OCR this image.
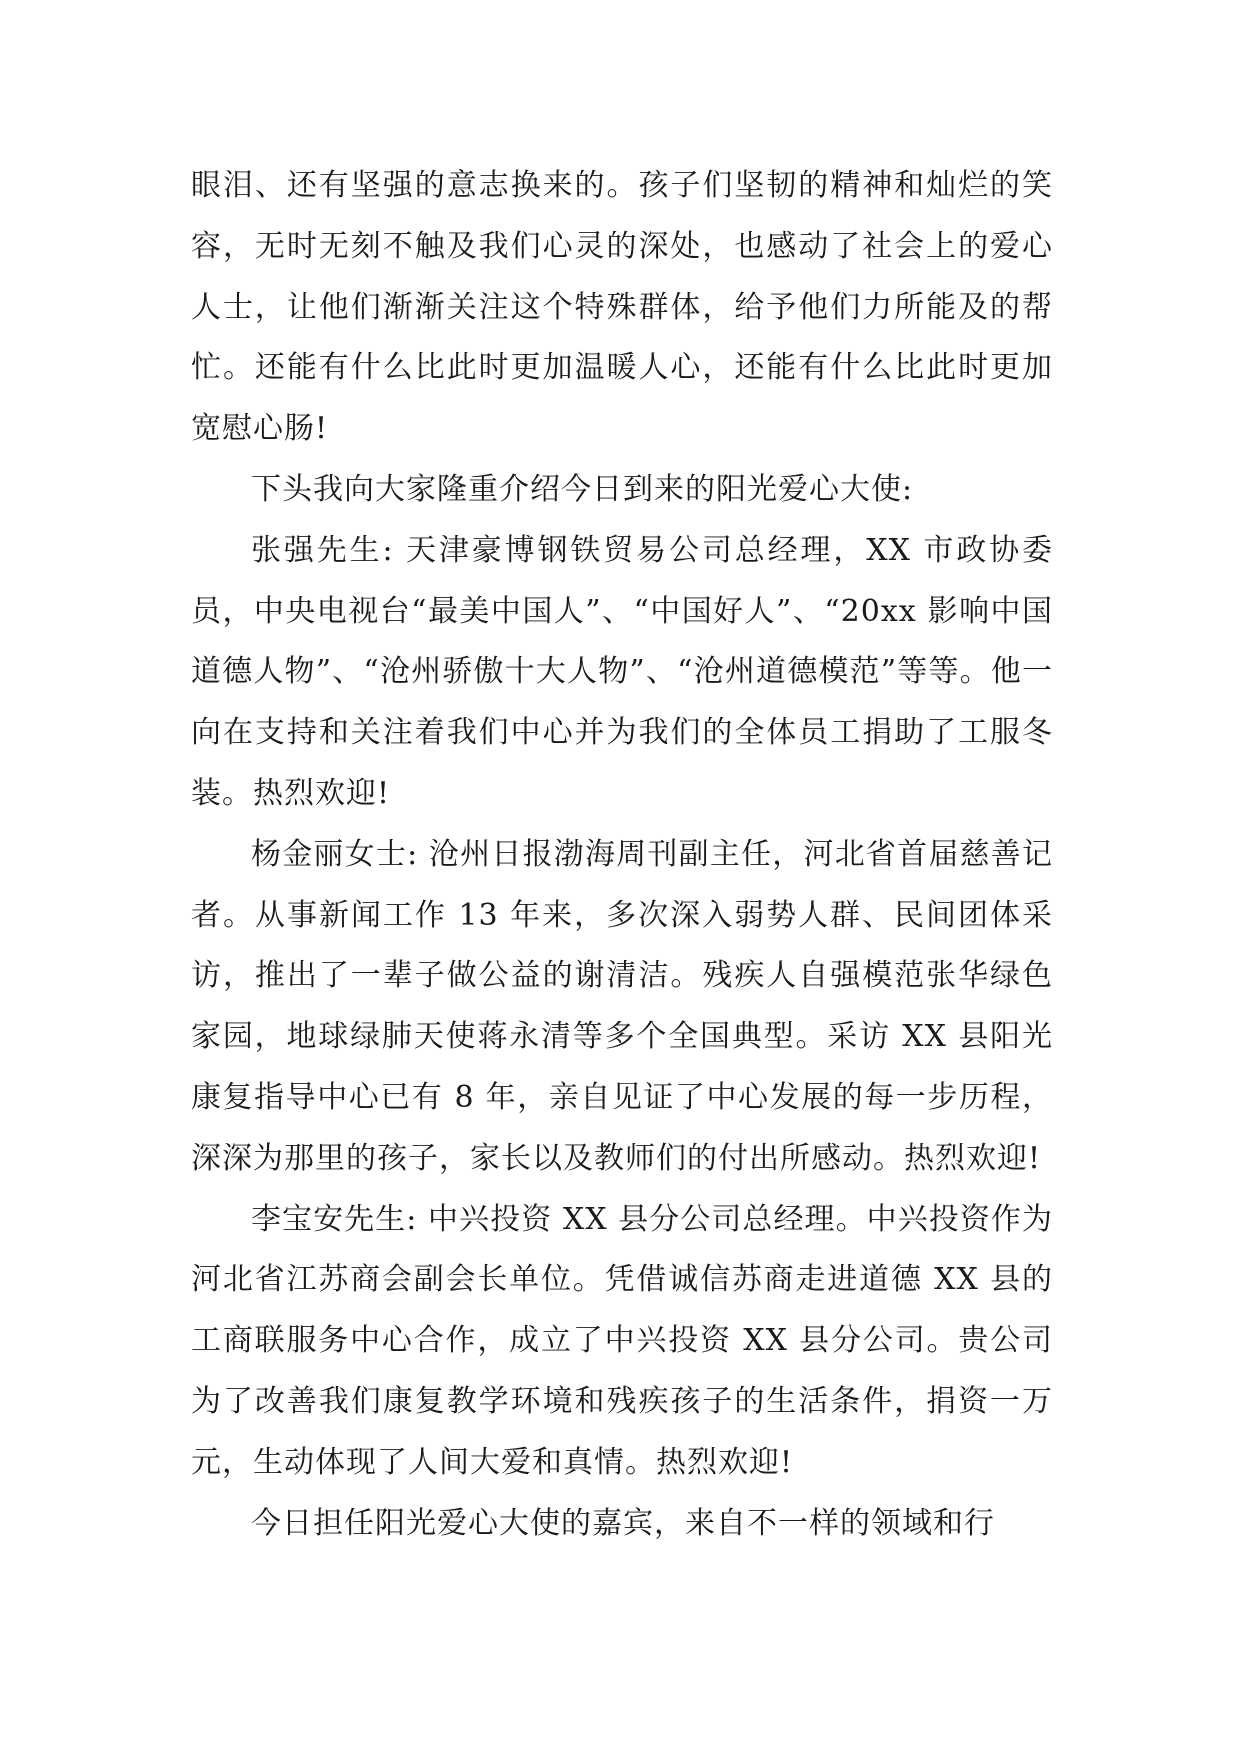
眼泪、还有坚强的意志换来的。孩子们坚韧的精神和灿烂的笑容，无时无刻不触及我们心灵的深处，也感动了社会上的爱心人士，让他们渐渐关注这个特殊群体，给予他们力所能及的帮忙。还能有什么比此时更加温暖人心，还能有什么比此时更加宽慰心肠!

下头我向大家隆重介绍今日到来的阳光爱心大使:

张强先生: 天津豪博钢铁贸易公司总经理，XX 市政协委员，中央电视台“最美中国人”、“中国好人”、“20xx 影响中国道德人物”、“沧州骄傲十大人物”、“沧州道德模范”等等。他一向在支持和关注着我们中心并为我们的全体员工捐助了工服冬装。热烈欢迎!

杨金丽女士: 沧州日报渤海周刊副主任，河北省首届慈善记者。从事新闻工作 13 年来，多次深入弱势人群、民间团体采访，推出了一辈子做公益的谢清洁。残疾人自强模范张华绿色家园，地球绿肺天使蒋永清等多个全国典型。采访 XX 县阳光康复指导中心已有 8 年，亲自见证了中心发展的每一步历程，深深为那里的孩子，家长以及教师们的付出所感动。热烈欢迎!

李宝安先生: 中兴投资 XX 县分公司总经理。中兴投资作为河北省江苏商会副会长单位。凭借诚信苏商走进道德 XX 县的工商联服务中心合作，成立了中兴投资 XX 县分公司。贵公司为了改善我们康复教学环境和残疾孩子的生活条件，捐资一万元，生动体现了人间大爱和真情。热烈欢迎!

今日担任阳光爱心大使的嘉宾，来自不一样的领域和行
